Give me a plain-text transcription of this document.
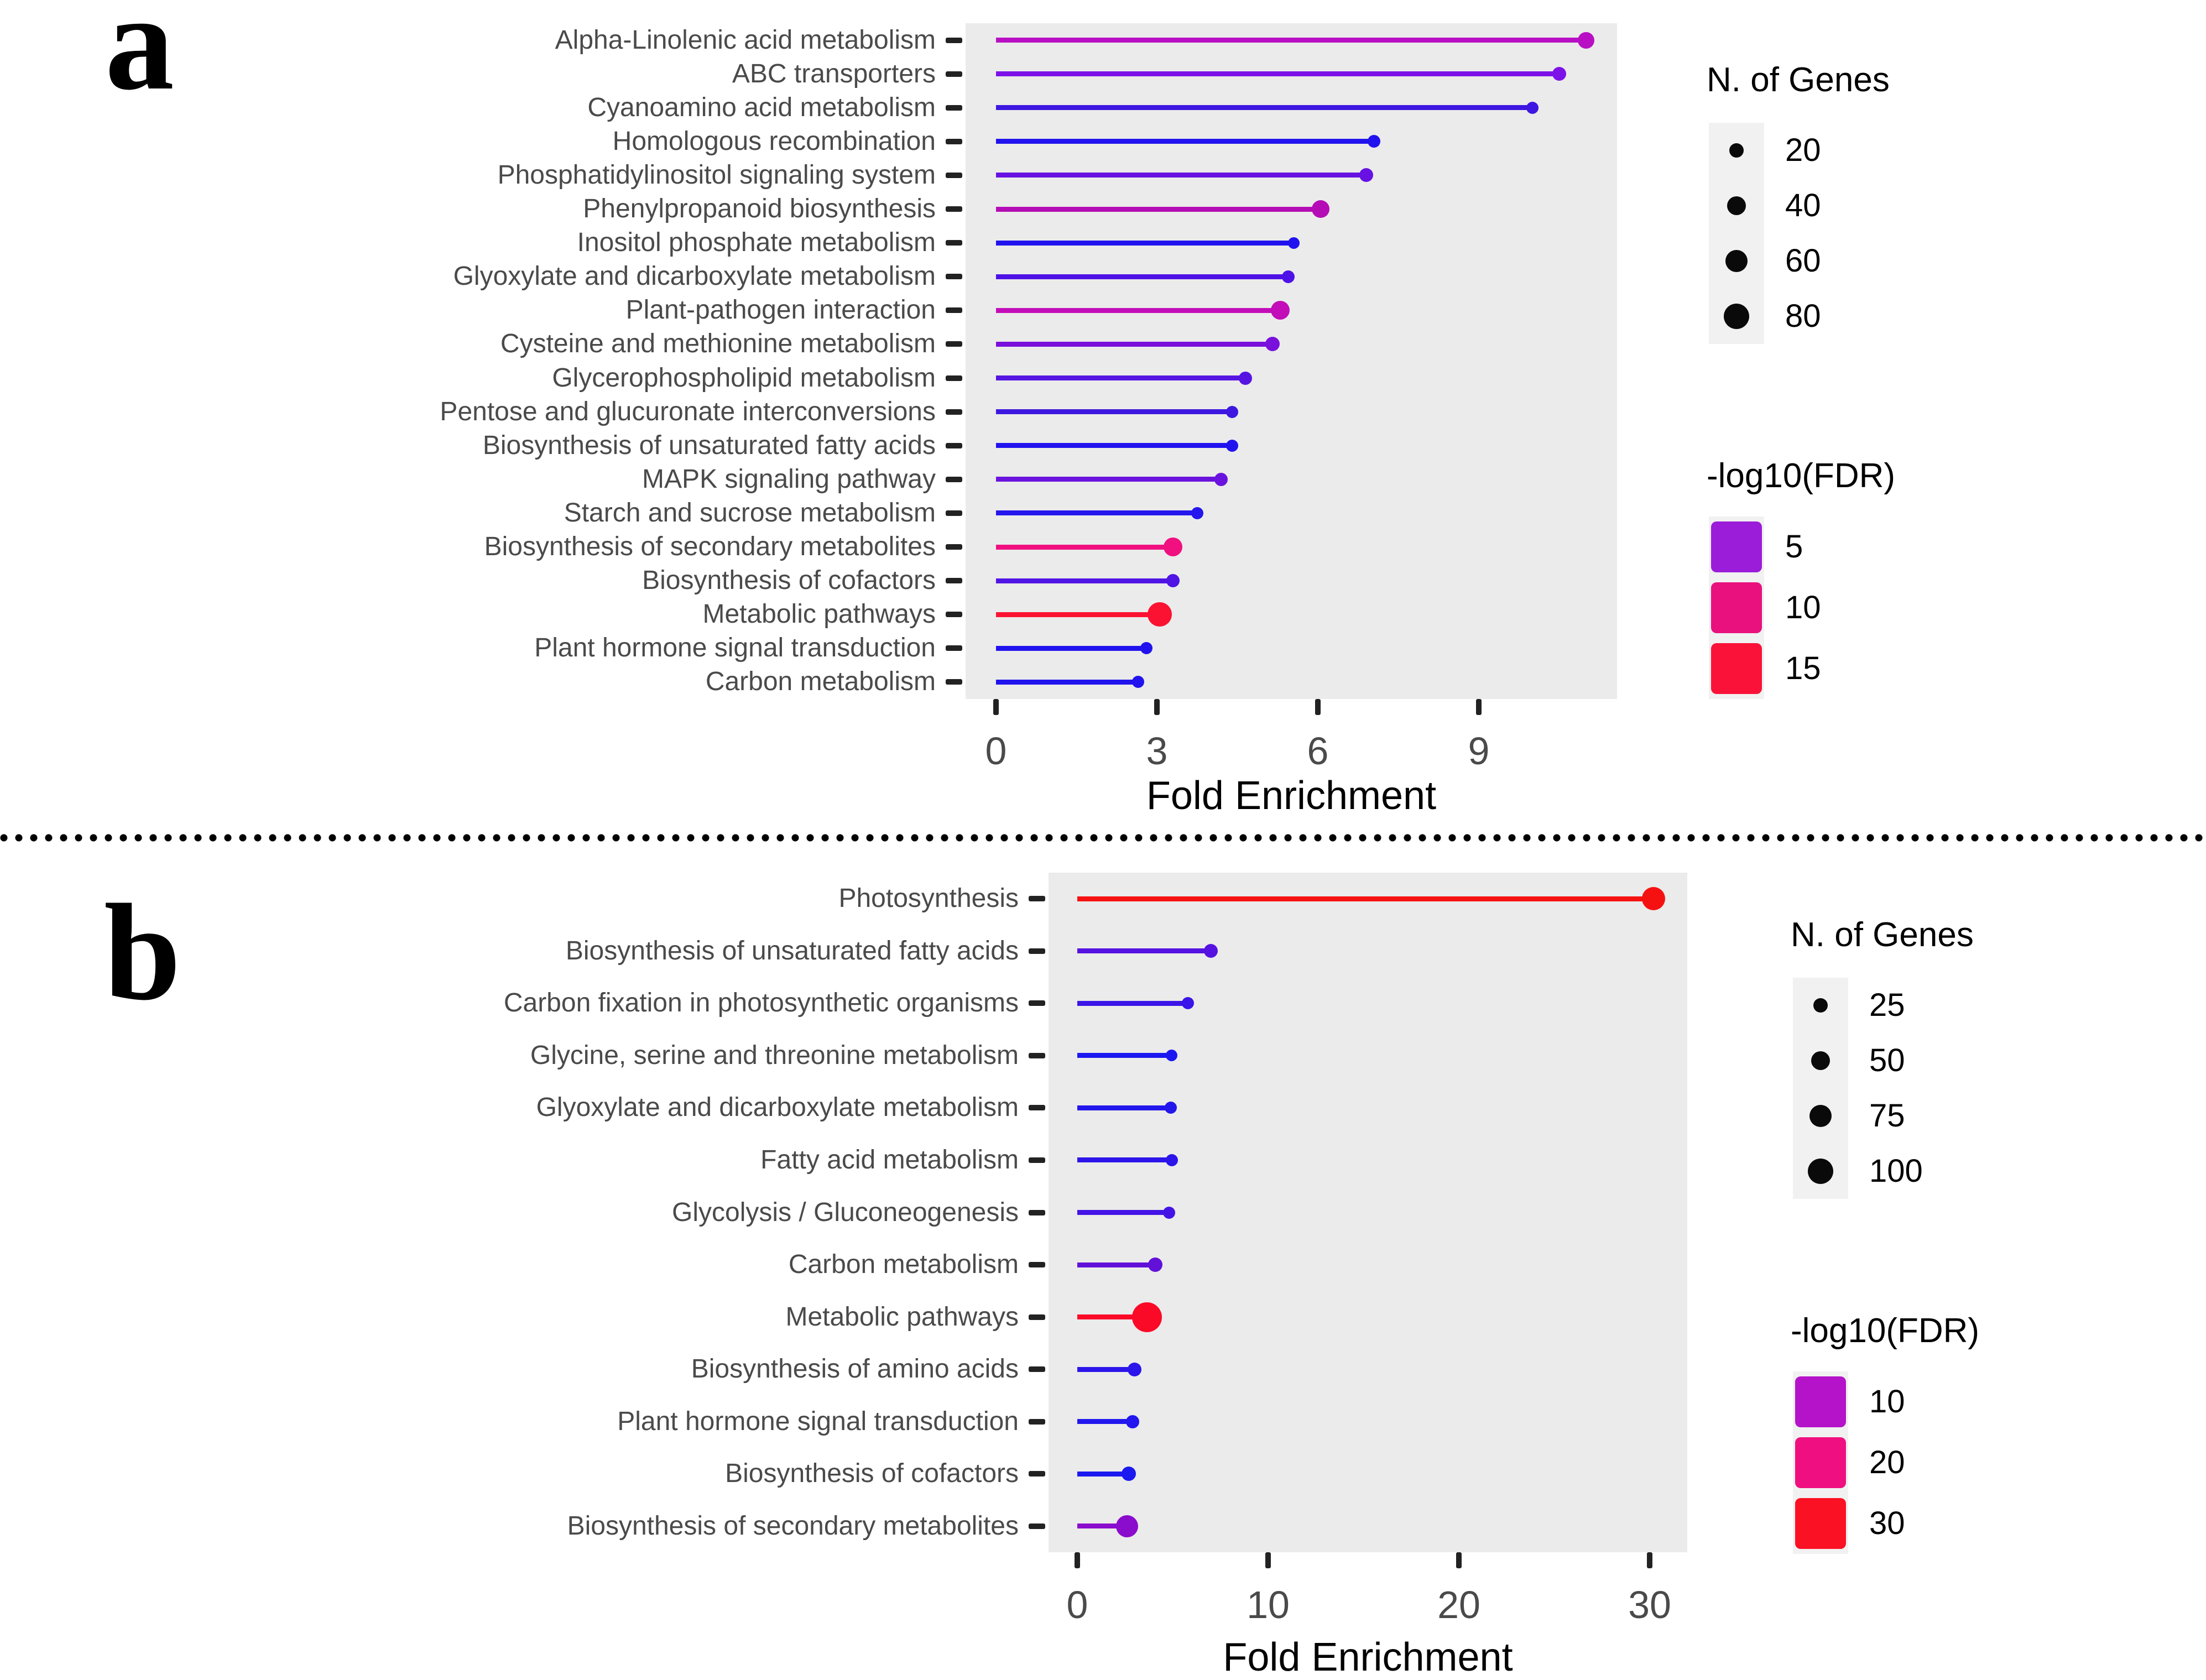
a
b
Alpha-Linolenic acid metabolism
ABC transporters
Cyanoamino acid metabolism
Homologous recombination
Phosphatidylinositol signaling system
Phenylpropanoid biosynthesis
Inositol phosphate metabolism
Glyoxylate and dicarboxylate metabolism
Plant-pathogen interaction
Cysteine and methionine metabolism
Glycerophospholipid metabolism
Pentose and glucuronate interconversions
Biosynthesis of unsaturated fatty acids
MAPK signaling pathway
Starch and sucrose metabolism
Biosynthesis of secondary metabolites
Biosynthesis of cofactors
Metabolic pathways
Plant hormone signal transduction
Carbon metabolism
0	3	6	9
Fold Enrichment
N. of Genes
20
40
60
80
-log10(FDR)
5
10
15
Photosynthesis
Biosynthesis of unsaturated fatty acids
Carbon fixation in photosynthetic organisms
Glycine, serine and threonine metabolism
Glyoxylate and dicarboxylate metabolism
Fatty acid metabolism
Glycolysis / Gluconeogenesis
Carbon metabolism
Metabolic pathways
Biosynthesis of amino acids
Plant hormone signal transduction
Biosynthesis of cofactors
Biosynthesis of secondary metabolites
0	10	20	30
Fold Enrichment
N. of Genes
25
50
75
100
-log10(FDR)
10
20
30
